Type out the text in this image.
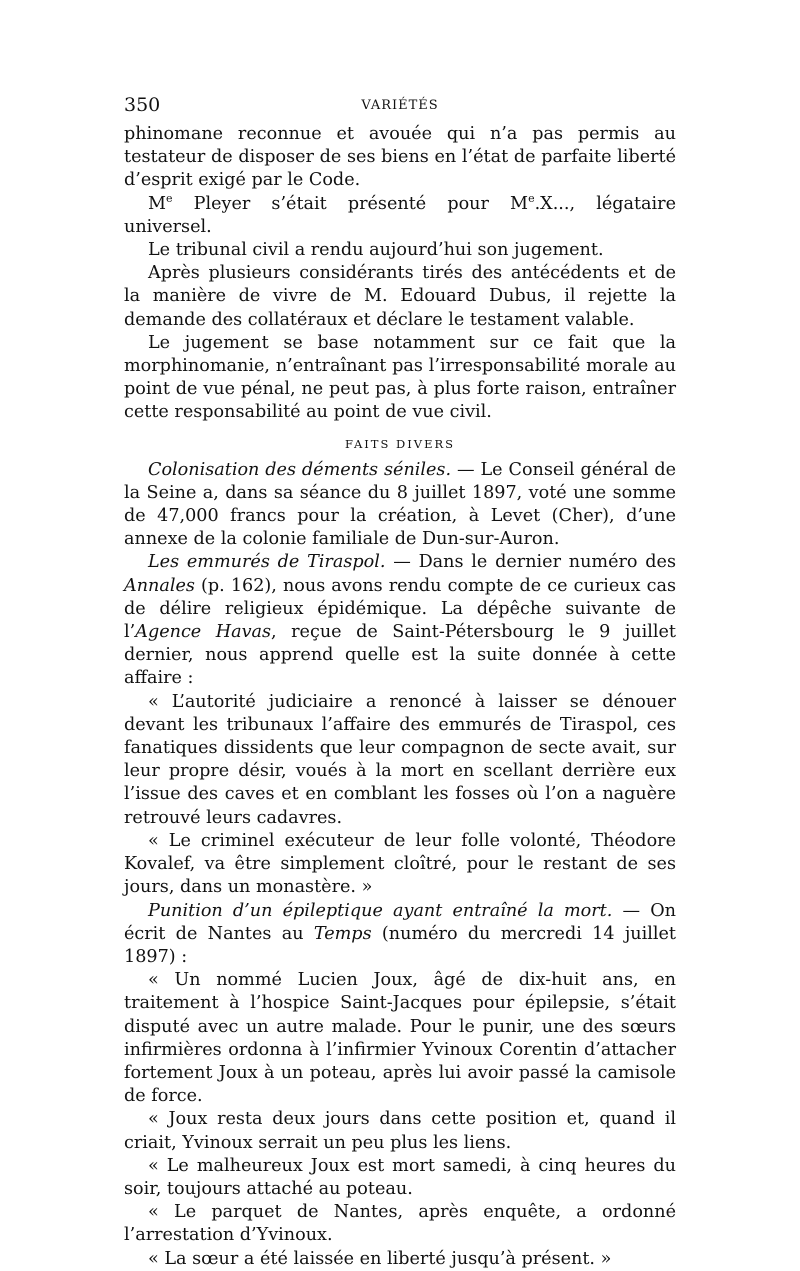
350	VARIÉTÉS

phinomane reconnue et avouée qui n’a pas permis au testateur de disposer de ses biens en l’état de parfaite liberté d’esprit exigé par le Code.

Me Pleyer s’était présenté pour Me.X..., légataire universel.

Le tribunal civil a rendu aujourd’hui son jugement.

Après plusieurs considérants tirés des antécédents et de la manière de vivre de M. Edouard Dubus, il rejette la demande des collatéraux et déclare le testament valable.

Le jugement se base notamment sur ce fait que la morphinomanie, n’entraînant pas l’irresponsabilité morale au point de vue pénal, ne peut pas, à plus forte raison, entraîner cette responsabilité au point de vue civil.

FAITS DIVERS

Colonisation des déments séniles. — Le Conseil général de la Seine a, dans sa séance du 8 juillet 1897, voté une somme de 47,000 francs pour la création, à Levet (Cher), d’une annexe de la colonie familiale de Dun-sur-Auron.

Les emmurés de Tiraspol. — Dans le dernier numéro des Annales (p. 162), nous avons rendu compte de ce curieux cas de délire religieux épidémique. La dépêche suivante de l’Agence Havas, reçue de Saint-Pétersbourg le 9 juillet dernier, nous apprend quelle est la suite donnée à cette affaire :

« L’autorité judiciaire a renoncé à laisser se dénouer devant les tribunaux l’affaire des emmurés de Tiraspol, ces fanatiques dissidents que leur compagnon de secte avait, sur leur propre désir, voués à la mort en scellant derrière eux l’issue des caves et en comblant les fosses où l’on a naguère retrouvé leurs cadavres.

« Le criminel exécuteur de leur folle volonté, Théodore Kovalef, va être simplement cloîtré, pour le restant de ses jours, dans un monastère. »

Punition d’un épileptique ayant entraîné la mort. — On écrit de Nantes au Temps (numéro du mercredi 14 juillet 1897) :

« Un nommé Lucien Joux, âgé de dix-huit ans, en traitement à l’hospice Saint-Jacques pour épilepsie, s’était disputé avec un autre malade. Pour le punir, une des sœurs infirmières ordonna à l’infirmier Yvinoux Corentin d’attacher fortement Joux à un poteau, après lui avoir passé la camisole de force.

« Joux resta deux jours dans cette position et, quand il criait, Yvinoux serrait un peu plus les liens.

« Le malheureux Joux est mort samedi, à cinq heures du soir, toujours attaché au poteau.

« Le parquet de Nantes, après enquête, a ordonné l’arrestation d’Yvinoux.

« La sœur a été laissée en liberté jusqu’à présent. »
